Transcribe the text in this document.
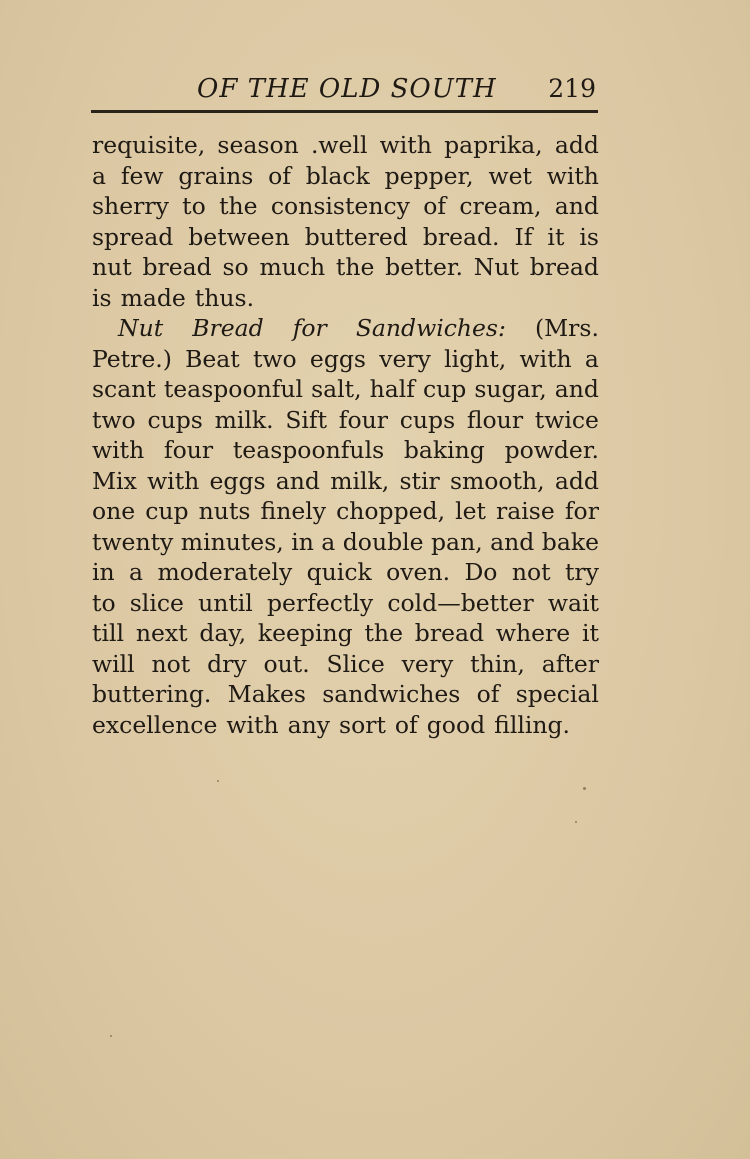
OF THE OLD SOUTH 219
requisite, season .well with paprika, add
a few grains of black pepper, wet with
sherry to the consistency of cream, and
spread between buttered bread. If it is
nut bread so much the better. Nut bread
is made thus.
Nut Bread for Sandwiches: (Mrs.
Petre.) Beat two eggs very light, with a
scant teaspoonful salt, half cup sugar, and
two cups milk. Sift four cups flour twice
with four teaspoonfuls baking powder.
Mix with eggs and milk, stir smooth, add
one cup nuts finely chopped, let raise for
twenty minutes, in a double pan, and bake
in a moderately quick oven. Do not try
to slice until perfectly cold—better wait
till next day, keeping the bread where it
will not dry out. Slice very thin, after
buttering. Makes sandwiches of special
excellence with any sort of good filling.
